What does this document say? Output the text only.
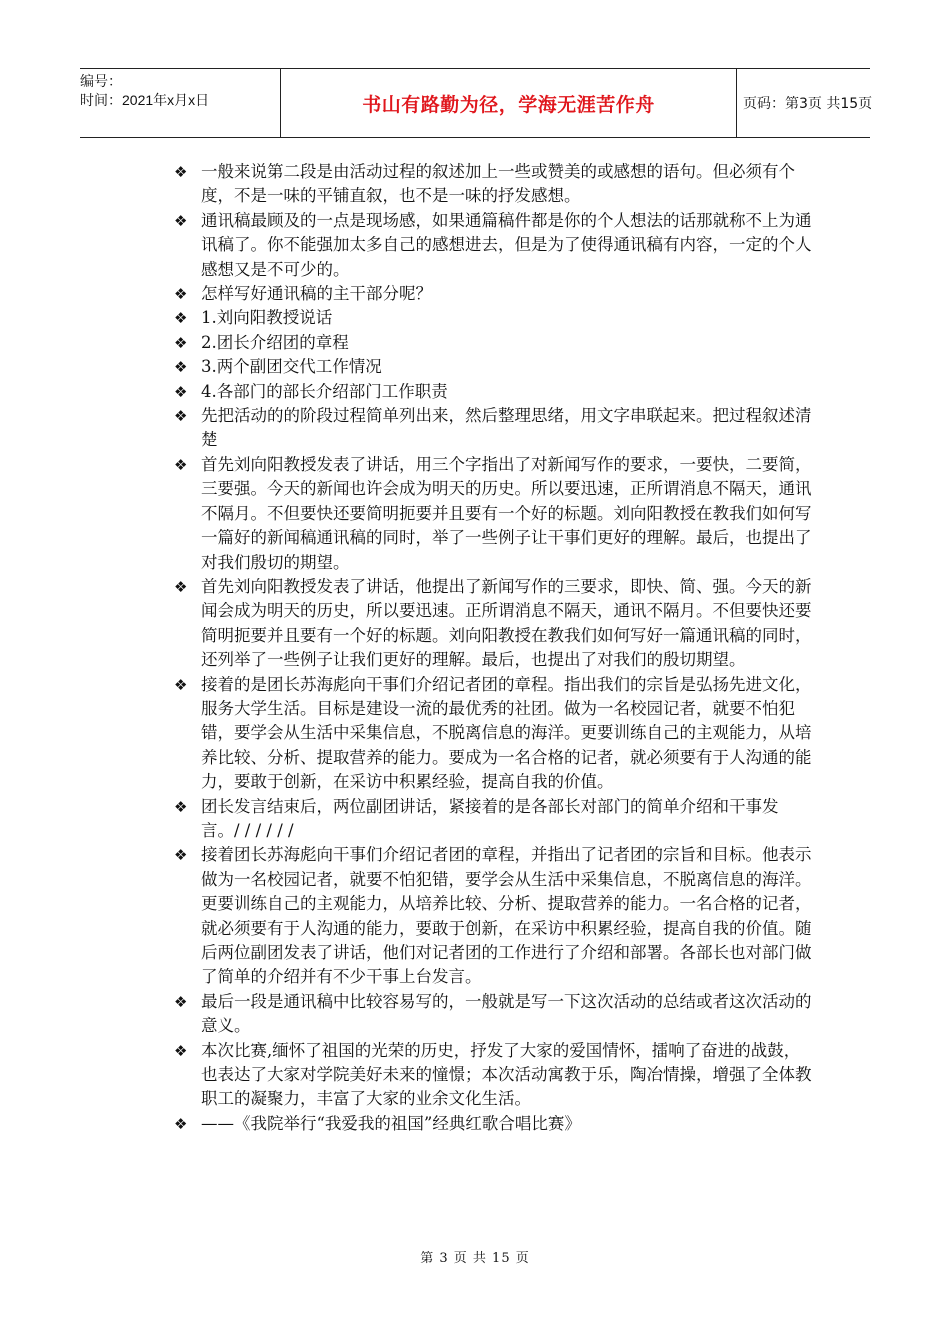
编号：
时间：2021年x月x日	书山有路勤为径，学海无涯苦作舟	页码：第3页 共15页

❖ 一般来说第二段是由活动过程的叙述加上一些或赞美的或感想的语句。但必须有个度，不是一味的平铺直叙，也不是一味的抒发感想。

❖ 通讯稿最顾及的一点是现场感，如果通篇稿件都是你的个人想法的话那就称不上为通讯稿了。你不能强加太多自己的感想进去，但是为了使得通讯稿有内容，一定的个人感想又是不可少的。

❖ 怎样写好通讯稿的主干部分呢？

❖ 1.刘向阳教授说话

❖ 2.团长介绍团的章程

❖ 3.两个副团交代工作情况

❖ 4.各部门的部长介绍部门工作职责

❖ 先把活动的的阶段过程简单列出来，然后整理思绪，用文字串联起来。把过程叙述清楚

❖ 首先刘向阳教授发表了讲话，用三个字指出了对新闻写作的要求，一要快，二要简，三要强。今天的新闻也许会成为明天的历史。所以要迅速，正所谓消息不隔天，通讯不隔月。不但要快还要简明扼要并且要有一个好的标题。刘向阳教授在教我们如何写一篇好的新闻稿通讯稿的同时，举了一些例子让干事们更好的理解。最后，也提出了对我们殷切的期望。

❖ 首先刘向阳教授发表了讲话，他提出了新闻写作的三要求，即快、简、强。今天的新闻会成为明天的历史，所以要迅速。正所谓消息不隔天，通讯不隔月。不但要快还要简明扼要并且要有一个好的标题。刘向阳教授在教我们如何写好一篇通讯稿的同时，还列举了一些例子让我们更好的理解。最后，也提出了对我们的殷切期望。

❖ 接着的是团长苏海彪向干事们介绍记者团的章程。指出我们的宗旨是弘扬先进文化，服务大学生活。目标是建设一流的最优秀的社团。做为一名校园记者，就要不怕犯错，要学会从生活中采集信息，不脱离信息的海洋。更要训练自己的主观能力，从培养比较、分析、提取营养的能力。要成为一名合格的记者，就必须要有于人沟通的能力，要敢于创新，在采访中积累经验，提高自我的价值。

❖ 团长发言结束后，两位副团讲话，紧接着的是各部长对部门的简单介绍和干事发言。/ / / / / /

❖ 接着团长苏海彪向干事们介绍记者团的章程，并指出了记者团的宗旨和目标。他表示做为一名校园记者，就要不怕犯错，要学会从生活中采集信息，不脱离信息的海洋。更要训练自己的主观能力，从培养比较、分析、提取营养的能力。一名合格的记者，就必须要有于人沟通的能力，要敢于创新，在采访中积累经验，提高自我的价值。随后两位副团发表了讲话，他们对记者团的工作进行了介绍和部署。各部长也对部门做了简单的介绍并有不少干事上台发言。

❖ 最后一段是通讯稿中比较容易写的，一般就是写一下这次活动的总结或者这次活动的意义。

❖ 本次比赛,缅怀了祖国的光荣的历史，抒发了大家的爱国情怀，擂响了奋进的战鼓，也表达了大家对学院美好未来的憧憬；本次活动寓教于乐，陶冶情操，增强了全体教职工的凝聚力，丰富了大家的业余文化生活。

❖ ——《我院举行“我爱我的祖国”经典红歌合唱比赛》

第 3 页 共 15 页
